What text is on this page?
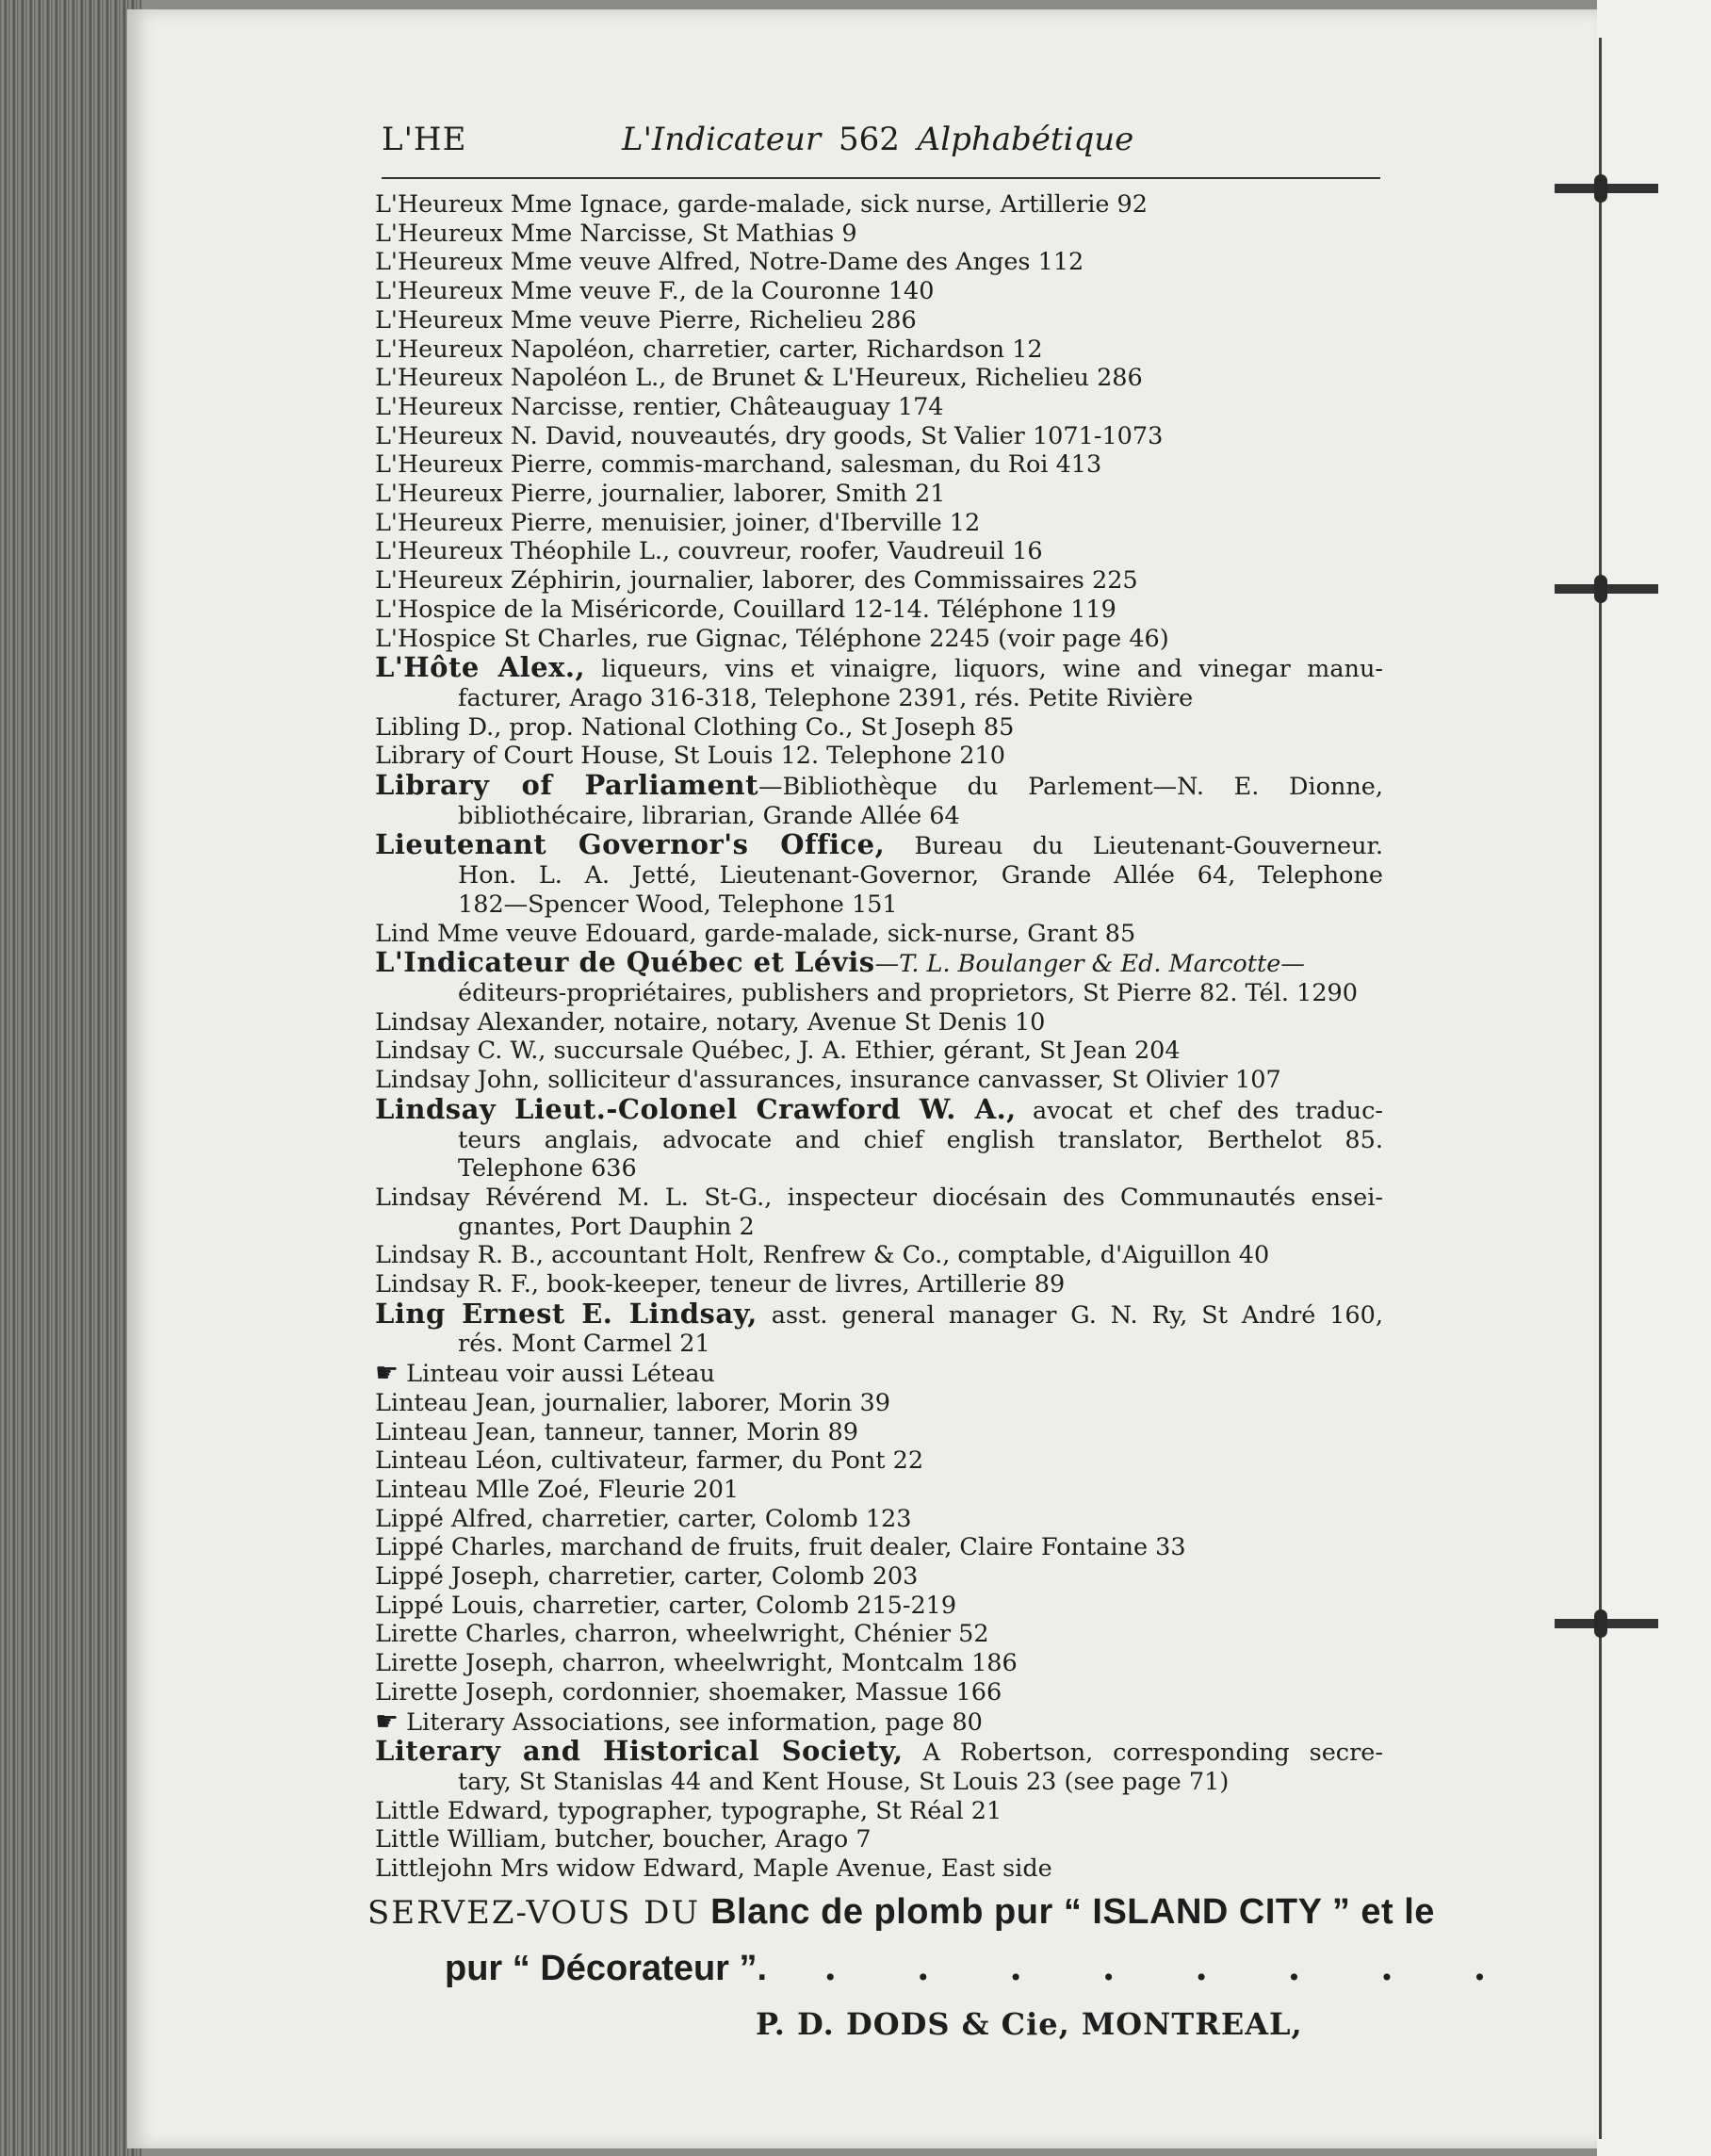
L'HE	L'Indicateur 562 Alphabétique
L'Heureux Mme Ignace, garde-malade, sick nurse, Artillerie 92
L'Heureux Mme Narcisse, St Mathias 9
L'Heureux Mme veuve Alfred, Notre-Dame des Anges 112
L'Heureux Mme veuve F., de la Couronne 140
L'Heureux Mme veuve Pierre, Richelieu 286
L'Heureux Napoléon, charretier, carter, Richardson 12
L'Heureux Napoléon L., de Brunet & L'Heureux, Richelieu 286
L'Heureux Narcisse, rentier, Châteauguay 174
L'Heureux N. David, nouveautés, dry goods, St Valier 1071-1073
L'Heureux Pierre, commis-marchand, salesman, du Roi 413
L'Heureux Pierre, journalier, laborer, Smith 21
L'Heureux Pierre, menuisier, joiner, d'Iberville 12
L'Heureux Théophile L., couvreur, roofer, Vaudreuil 16
L'Heureux Zéphirin, journalier, laborer, des Commissaires 225
L'Hospice de la Miséricorde, Couillard 12-14. Téléphone 119
L'Hospice St Charles, rue Gignac, Téléphone 2245 (voir page 46)
L'Hôte Alex., liqueurs, vins et vinaigre, liquors, wine and vinegar manu-
facturer, Arago 316-318, Telephone 2391, rés. Petite Rivière
Libling D., prop. National Clothing Co., St Joseph 85
Library of Court House, St Louis 12. Telephone 210
Library of Parliament—Bibliothèque du Parlement—N. E. Dionne,
bibliothécaire, librarian, Grande Allée 64
Lieutenant Governor's Office, Bureau du Lieutenant-Gouverneur.
Hon. L. A. Jetté, Lieutenant-Governor, Grande Allée 64, Telephone
182—Spencer Wood, Telephone 151
Lind Mme veuve Edouard, garde-malade, sick-nurse, Grant 85
L'Indicateur de Québec et Lévis—T. L. Boulanger & Ed. Marcotte—
éditeurs-propriétaires, publishers and proprietors, St Pierre 82. Tél. 1290
Lindsay Alexander, notaire, notary, Avenue St Denis 10
Lindsay C. W., succursale Québec, J. A. Ethier, gérant, St Jean 204
Lindsay John, solliciteur d'assurances, insurance canvasser, St Olivier 107
Lindsay Lieut.-Colonel Crawford W. A., avocat et chef des traduc-
teurs anglais, advocate and chief english translator, Berthelot 85.
Telephone 636
Lindsay Révérend M. L. St-G., inspecteur diocésain des Communautés ensei-
gnantes, Port Dauphin 2
Lindsay R. B., accountant Holt, Renfrew & Co., comptable, d'Aiguillon 40
Lindsay R. F., book-keeper, teneur de livres, Artillerie 89
Ling Ernest E. Lindsay, asst. general manager G. N. Ry, St André 160,
rés. Mont Carmel 21
☛ Linteau voir aussi Léteau
Linteau Jean, journalier, laborer, Morin 39
Linteau Jean, tanneur, tanner, Morin 89
Linteau Léon, cultivateur, farmer, du Pont 22
Linteau Mlle Zoé, Fleurie 201
Lippé Alfred, charretier, carter, Colomb 123
Lippé Charles, marchand de fruits, fruit dealer, Claire Fontaine 33
Lippé Joseph, charretier, carter, Colomb 203
Lippé Louis, charretier, carter, Colomb 215-219
Lirette Charles, charron, wheelwright, Chénier 52
Lirette Joseph, charron, wheelwright, Montcalm 186
Lirette Joseph, cordonnier, shoemaker, Massue 166
☛ Literary Associations, see information, page 80
Literary and Historical Society, A Robertson, corresponding secre-
tary, St Stanislas 44 and Kent House, St Louis 23 (see page 71)
Little Edward, typographer, typographe, St Réal 21
Little William, butcher, boucher, Arago 7
Littlejohn Mrs widow Edward, Maple Avenue, East side
SERVEZ-VOUS DU Blanc de plomb pur “ ISLAND CITY ” et le
pur “ Décorateur ”. . . . . . . . .
P. D. DODS & Cie, MONTREAL,
